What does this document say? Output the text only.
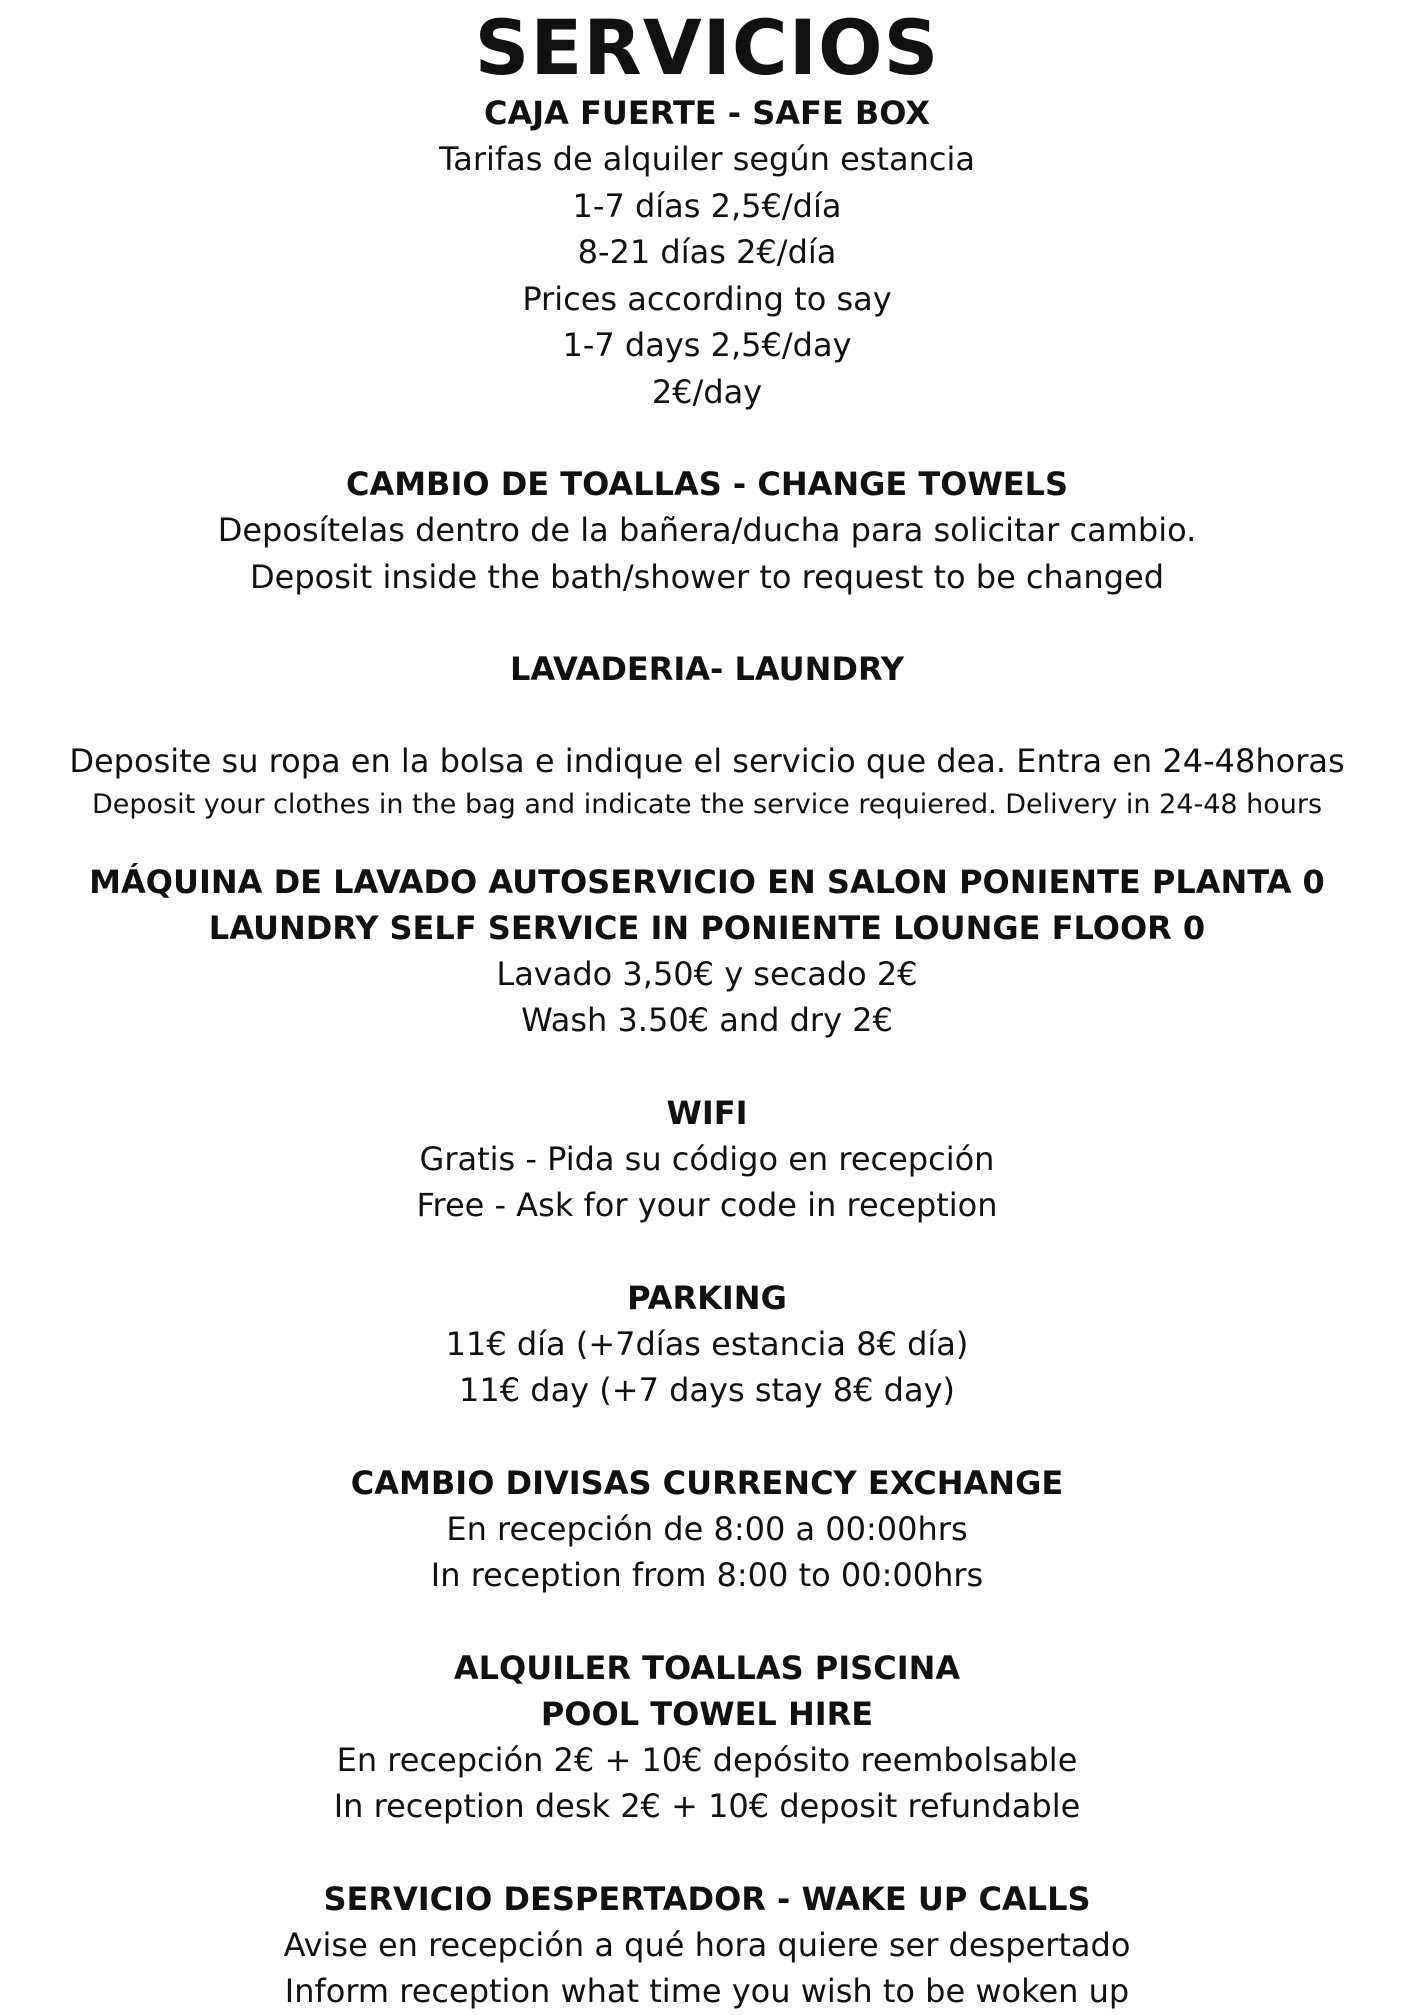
SERVICIOS

CAJA FUERTE - SAFE BOX

Tarifas de alquiler según estancia

1-7 días 2,5€/día

8-21 días 2€/día

Prices according to say

1-7 days 2,5€/day

2€/day

CAMBIO DE TOALLAS - CHANGE TOWELS

Deposítelas dentro de la bañera/ducha para solicitar cambio.

Deposit inside the bath/shower to request to be changed

LAVADERIA- LAUNDRY

Deposite su ropa en la bolsa e indique el servicio que dea. Entra en 24-48horas

Deposit your clothes in the bag and indicate the service requiered. Delivery in 24-48 hours

MÁQUINA DE LAVADO AUTOSERVICIO EN SALON PONIENTE PLANTA 0

LAUNDRY SELF SERVICE IN PONIENTE LOUNGE FLOOR 0

Lavado 3,50€ y secado 2€

Wash 3.50€ and dry 2€

WIFI

Gratis - Pida su código en recepción

Free - Ask for your code in reception

PARKING

11€ día (+7días estancia 8€ día)

11€ day (+7 days stay 8€ day)

CAMBIO DIVISAS CURRENCY EXCHANGE

En recepción de 8:00 a 00:00hrs

In reception from 8:00 to 00:00hrs

ALQUILER TOALLAS PISCINA

POOL TOWEL HIRE

En recepción 2€ + 10€ depósito reembolsable

In reception desk 2€ + 10€ deposit refundable

SERVICIO DESPERTADOR - WAKE UP CALLS

Avise en recepción a qué hora quiere ser despertado

Inform reception what time you wish to be woken up
